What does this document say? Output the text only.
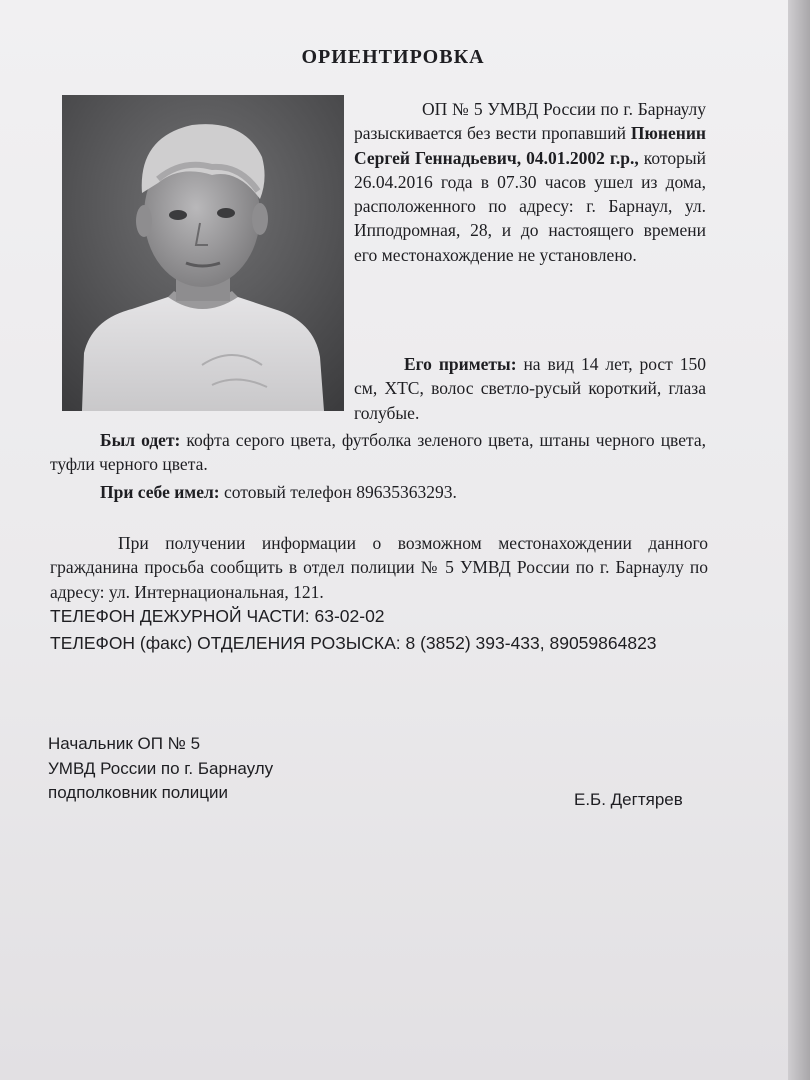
ОРИЕНТИРОВКА

ОП № 5 УМВД России по г. Барнаулу разыскивается без вести пропавший Пюненин Сергей Геннадьевич, 04.01.2002 г.р., который 26.04.2016 года в 07.30 часов ушел из дома, расположенного по адресу: г. Барнаул, ул. Ипподромная, 28, и до настоящего времени его местонахождение не установлено.

Его приметы: на вид 14 лет, рост 150 см, ХТС, волос светло-русый короткий, глаза голубые.

Был одет: кофта серого цвета, футболка зеленого цвета, штаны черного цвета, туфли черного цвета.

При себе имел: сотовый телефон 89635363293.

При получении информации о возможном местонахождении данного гражданина просьба сообщить в отдел полиции № 5 УМВД России по г. Барнаулу по адресу: ул. Интернациональная, 121.

ТЕЛЕФОН ДЕЖУРНОЙ ЧАСТИ: 63-02-02

ТЕЛЕФОН (факс) ОТДЕЛЕНИЯ РОЗЫСКА: 8 (3852) 393-433, 89059864823

Начальник ОП № 5
УМВД России по г. Барнаулу
подполковник полиции	Е.Б. Дегтярев
